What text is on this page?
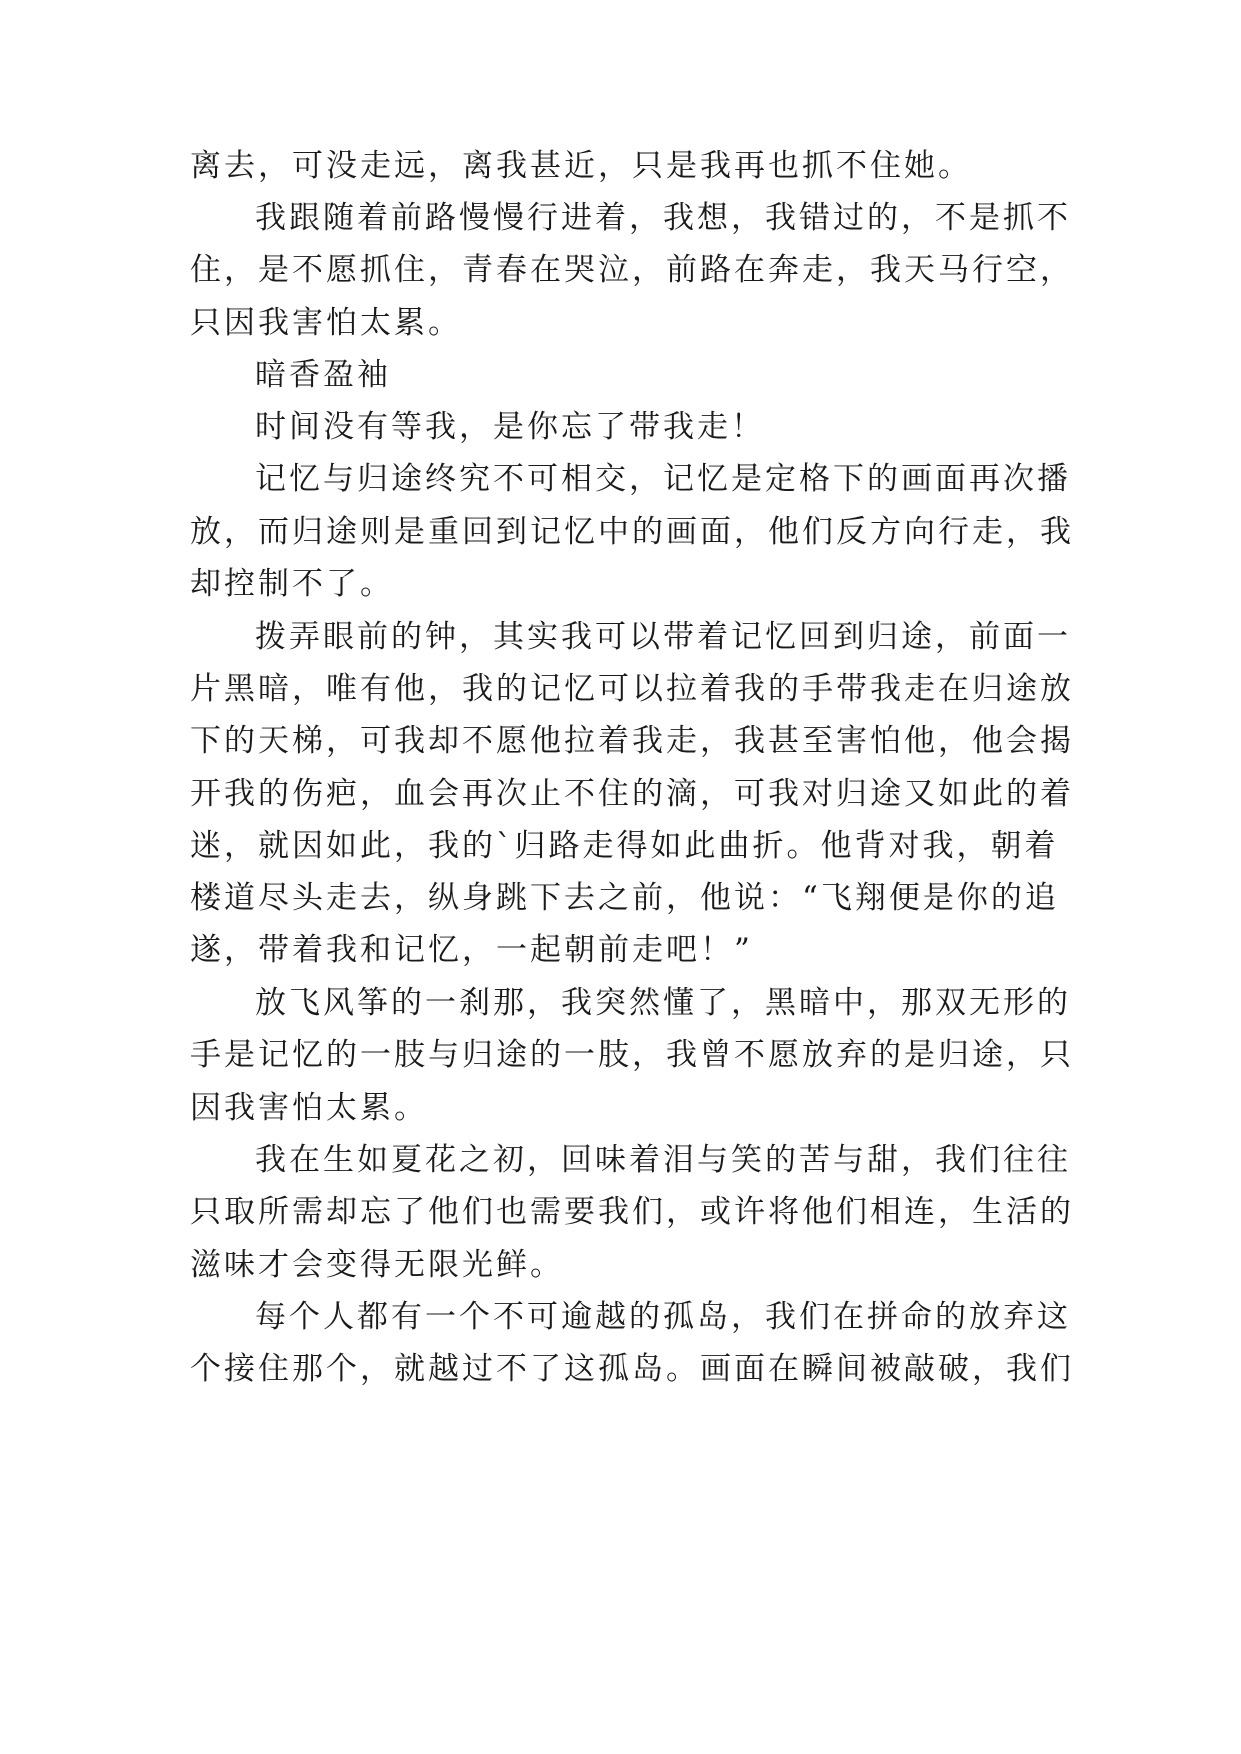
离去，可没走远，离我甚近，只是我再也抓不住她。
我跟随着前路慢慢行进着，我想，我错过的，不是抓不
住，是不愿抓住，青春在哭泣，前路在奔走，我天马行空，
只因我害怕太累。
暗香盈袖
时间没有等我，是你忘了带我走！
记忆与归途终究不可相交，记忆是定格下的画面再次播
放，而归途则是重回到记忆中的画面，他们反方向行走，我
却控制不了。
拨弄眼前的钟，其实我可以带着记忆回到归途，前面一
片黑暗，唯有他，我的记忆可以拉着我的手带我走在归途放
下的天梯，可我却不愿他拉着我走，我甚至害怕他，他会揭
开我的伤疤，血会再次止不住的滴，可我对归途又如此的着
迷，就因如此，我的`归路走得如此曲折。他背对我，朝着
楼道尽头走去，纵身跳下去之前，他说：“飞翔便是你的追
遂，带着我和记忆，一起朝前走吧！”
放飞风筝的一刹那，我突然懂了，黑暗中，那双无形的
手是记忆的一肢与归途的一肢，我曾不愿放弃的是归途，只
因我害怕太累。
我在生如夏花之初，回味着泪与笑的苦与甜，我们往往
只取所需却忘了他们也需要我们，或许将他们相连，生活的
滋味才会变得无限光鲜。
每个人都有一个不可逾越的孤岛，我们在拼命的放弃这
个接住那个，就越过不了这孤岛。画面在瞬间被敲破，我们
